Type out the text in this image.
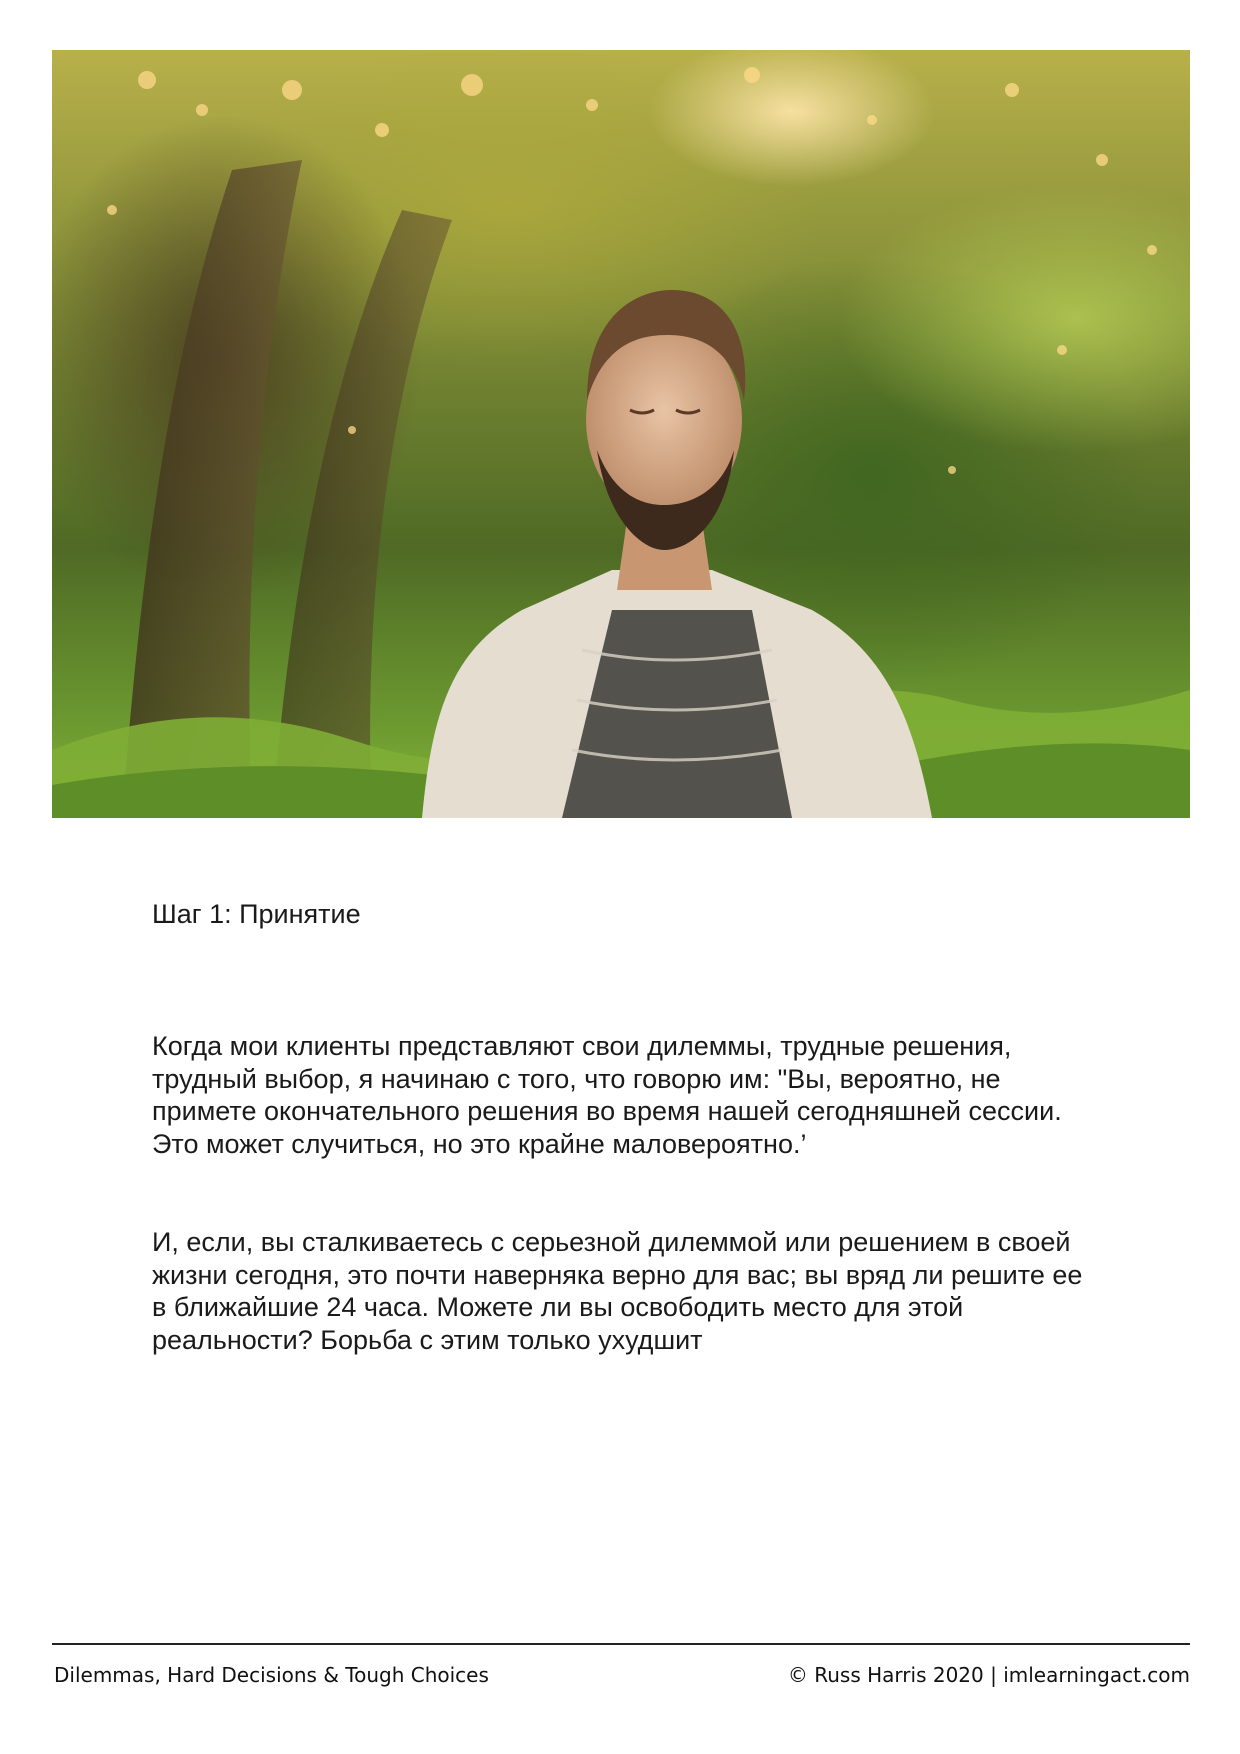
Шаг 1: Принятие

Когда мои клиенты представляют свои дилеммы, трудные решения, трудный выбор, я начинаю с того, что говорю им: "Вы, вероятно, не примете окончательного решения во время нашей сегодняшней сессии. Это может случиться, но это крайне маловероятно.’

И, если, вы сталкиваетесь с серьезной дилеммой или решением в своей жизни сегодня, это почти наверняка верно для вас; вы вряд ли решите ее в ближайшие 24 часа. Можете ли вы освободить место для этой реальности? Борьба с этим только ухудшит

Dilemmas, Hard Decisions & Tough Choices	© Russ Harris 2020 | imlearningact.com
